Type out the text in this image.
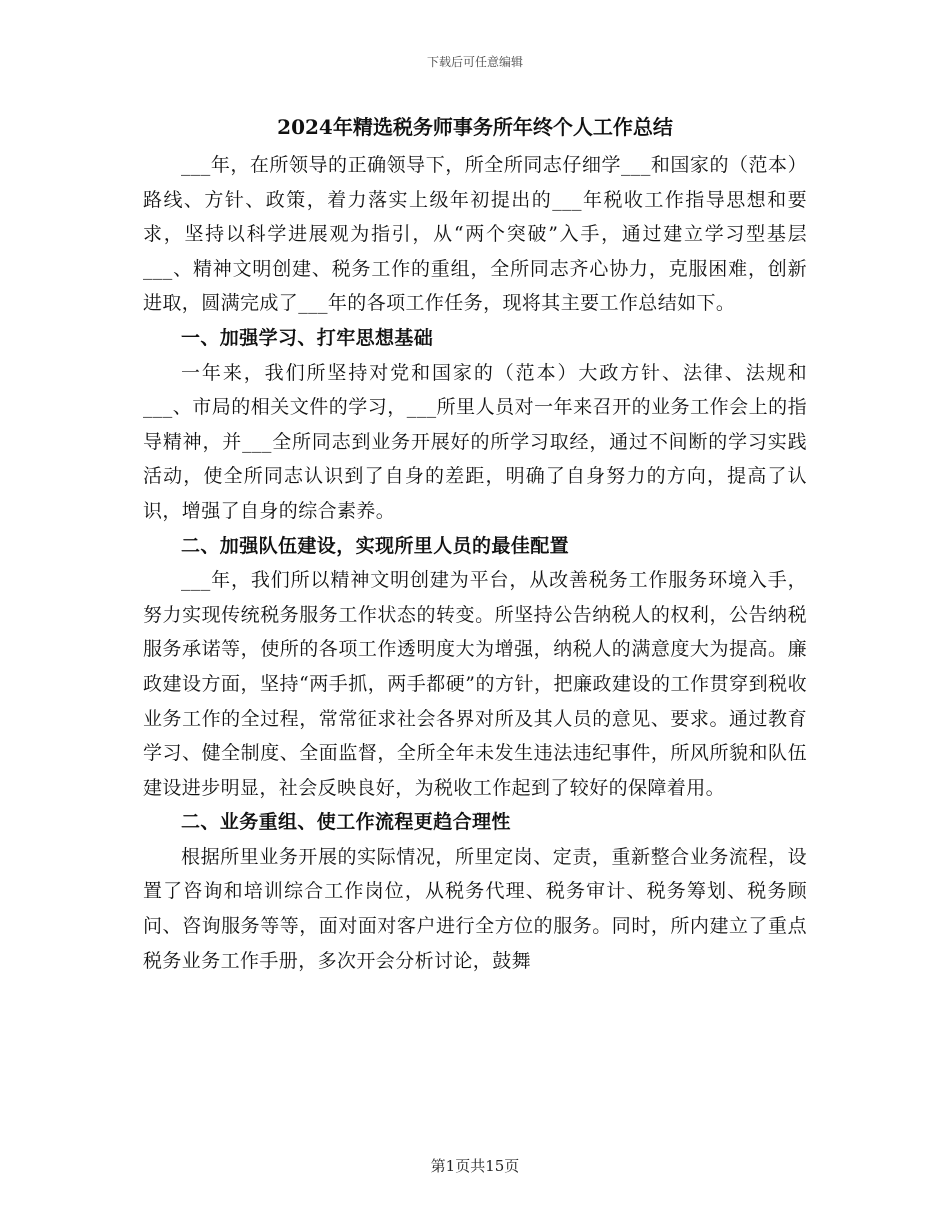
下载后可任意编辑
2024年精选税务师事务所年终个人工作总结

___年，在所领导的正确领导下，所全所同志仔细学___和国家的（范本）路线、方针、政策，着力落实上级年初提出的___年税收工作指导思想和要求，坚持以科学进展观为指引，从“两个突破”入手，通过建立学习型基层___、精神文明创建、税务工作的重组，全所同志齐心协力，克服困难，创新进取，圆满完成了___年的各项工作任务，现将其主要工作总结如下。

一、加强学习、打牢思想基础

一年来，我们所坚持对党和国家的（范本）大政方针、法律、法规和___、市局的相关文件的学习，___所里人员对一年来召开的业务工作会上的指导精神，并___全所同志到业务开展好的所学习取经，通过不间断的学习实践活动，使全所同志认识到了自身的差距，明确了自身努力的方向，提高了认识，增强了自身的综合素养。

二、加强队伍建设，实现所里人员的最佳配置

___年，我们所以精神文明创建为平台，从改善税务工作服务环境入手，努力实现传统税务服务工作状态的转变。所坚持公告纳税人的权利，公告纳税服务承诺等，使所的各项工作透明度大为增强，纳税人的满意度大为提高。廉政建设方面，坚持“两手抓，两手都硬”的方针，把廉政建设的工作贯穿到税收业务工作的全过程，常常征求社会各界对所及其人员的意见、要求。通过教育学习、健全制度、全面监督，全所全年未发生违法违纪事件，所风所貌和队伍建设进步明显，社会反映良好，为税收工作起到了较好的保障着用。

二、业务重组、使工作流程更趋合理性

根据所里业务开展的实际情况，所里定岗、定责，重新整合业务流程，设置了咨询和培训综合工作岗位，从税务代理、税务审计、税务筹划、税务顾问、咨询服务等等，面对面对客户进行全方位的服务。同时，所内建立了重点税务业务工作手册，多次开会分析讨论，鼓舞

第1页共15页
